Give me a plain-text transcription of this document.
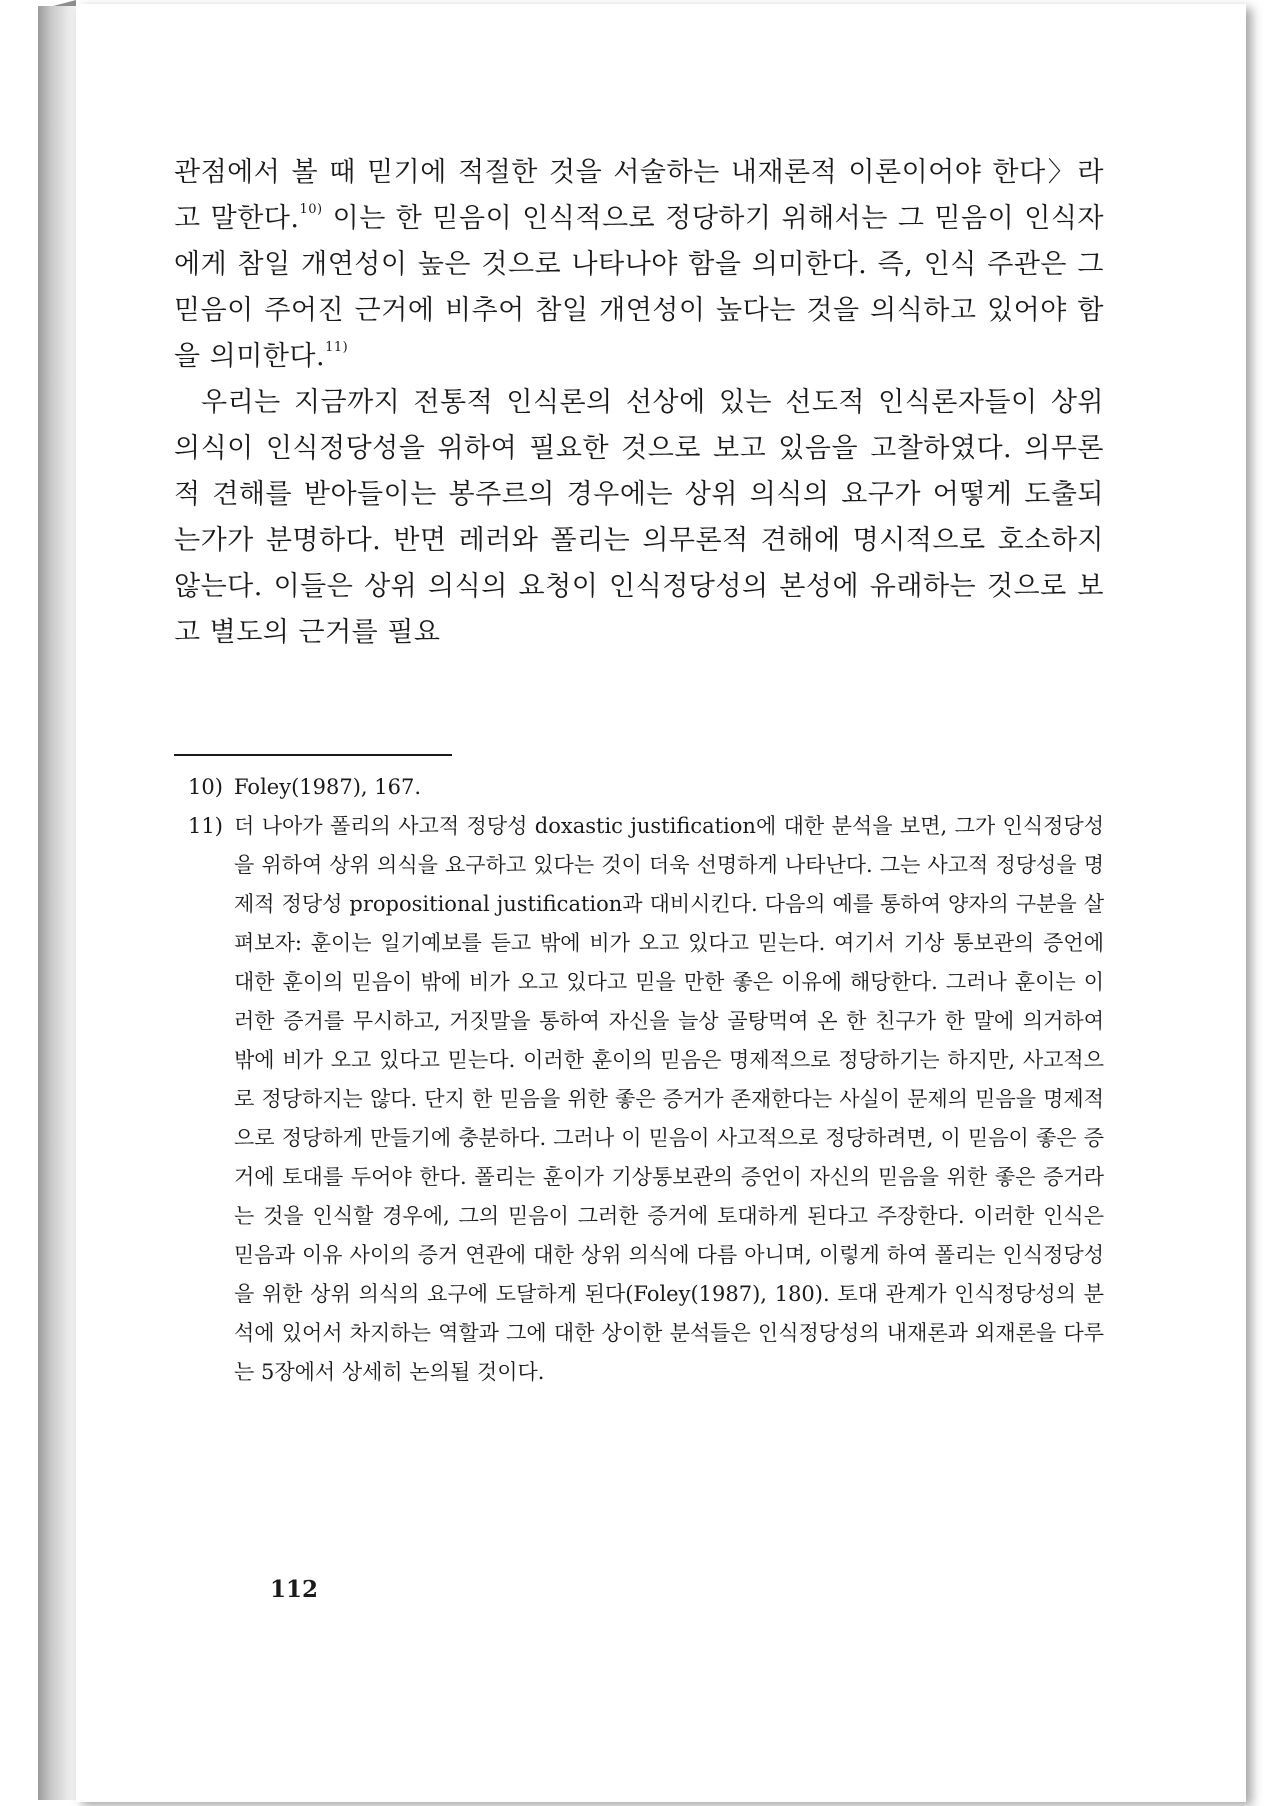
관점에서 볼 때 믿기에 적절한 것을 서술하는 내재론적 이론이어야 한다〉라고 말한다.$^{10)}$ 이는 한 믿음이 인식적으로 정당하기 위해서는 그 믿음이 인식자에게 참일 개연성이 높은 것으로 나타나야 함을 의미한다. 즉, 인식 주관은 그 믿음이 주어진 근거에 비추어 참일 개연성이 높다는 것을 의식하고 있어야 함을 의미한다.$^{11)}$

우리는 지금까지 전통적 인식론의 선상에 있는 선도적 인식론자들이 상위 의식이 인식정당성을 위하여 필요한 것으로 보고 있음을 고찰하였다. 의무론적 견해를 받아들이는 봉주르의 경우에는 상위 의식의 요구가 어떻게 도출되는가가 분명하다. 반면 레러와 폴리는 의무론적 견해에 명시적으로 호소하지 않는다. 이들은 상위 의식의 요청이 인식정당성의 본성에 유래하는 것으로 보고 별도의 근거를 필요

10) Foley(1987), 167.
11) 더 나아가 폴리의 사고적 정당성 doxastic justification에 대한 분석을 보면, 그가 인식정당성을 위하여 상위 의식을 요구하고 있다는 것이 더욱 선명하게 나타난다. 그는 사고적 정당성을 명제적 정당성 propositional justification과 대비시킨다. 다음의 예를 통하여 양자의 구분을 살펴보자: 훈이는 일기예보를 듣고 밖에 비가 오고 있다고 믿는다. 여기서 기상 통보관의 증언에 대한 훈이의 믿음이 밖에 비가 오고 있다고 믿을 만한 좋은 이유에 해당한다. 그러나 훈이는 이러한 증거를 무시하고, 거짓말을 통하여 자신을 늘상 골탕먹여 온 한 친구가 한 말에 의거하여 밖에 비가 오고 있다고 믿는다. 이러한 훈이의 믿음은 명제적으로 정당하기는 하지만, 사고적으로 정당하지는 않다. 단지 한 믿음을 위한 좋은 증거가 존재한다는 사실이 문제의 믿음을 명제적으로 정당하게 만들기에 충분하다. 그러나 이 믿음이 사고적으로 정당하려면, 이 믿음이 좋은 증거에 토대를 두어야 한다. 폴리는 훈이가 기상통보관의 증언이 자신의 믿음을 위한 좋은 증거라는 것을 인식할 경우에, 그의 믿음이 그러한 증거에 토대하게 된다고 주장한다. 이러한 인식은 믿음과 이유 사이의 증거 연관에 대한 상위 의식에 다름 아니며, 이렇게 하여 폴리는 인식정당성을 위한 상위 의식의 요구에 도달하게 된다(Foley(1987), 180). 토대 관계가 인식정당성의 분석에 있어서 차지하는 역할과 그에 대한 상이한 분석들은 인식정당성의 내재론과 외재론을 다루는 5장에서 상세히 논의될 것이다.
112
